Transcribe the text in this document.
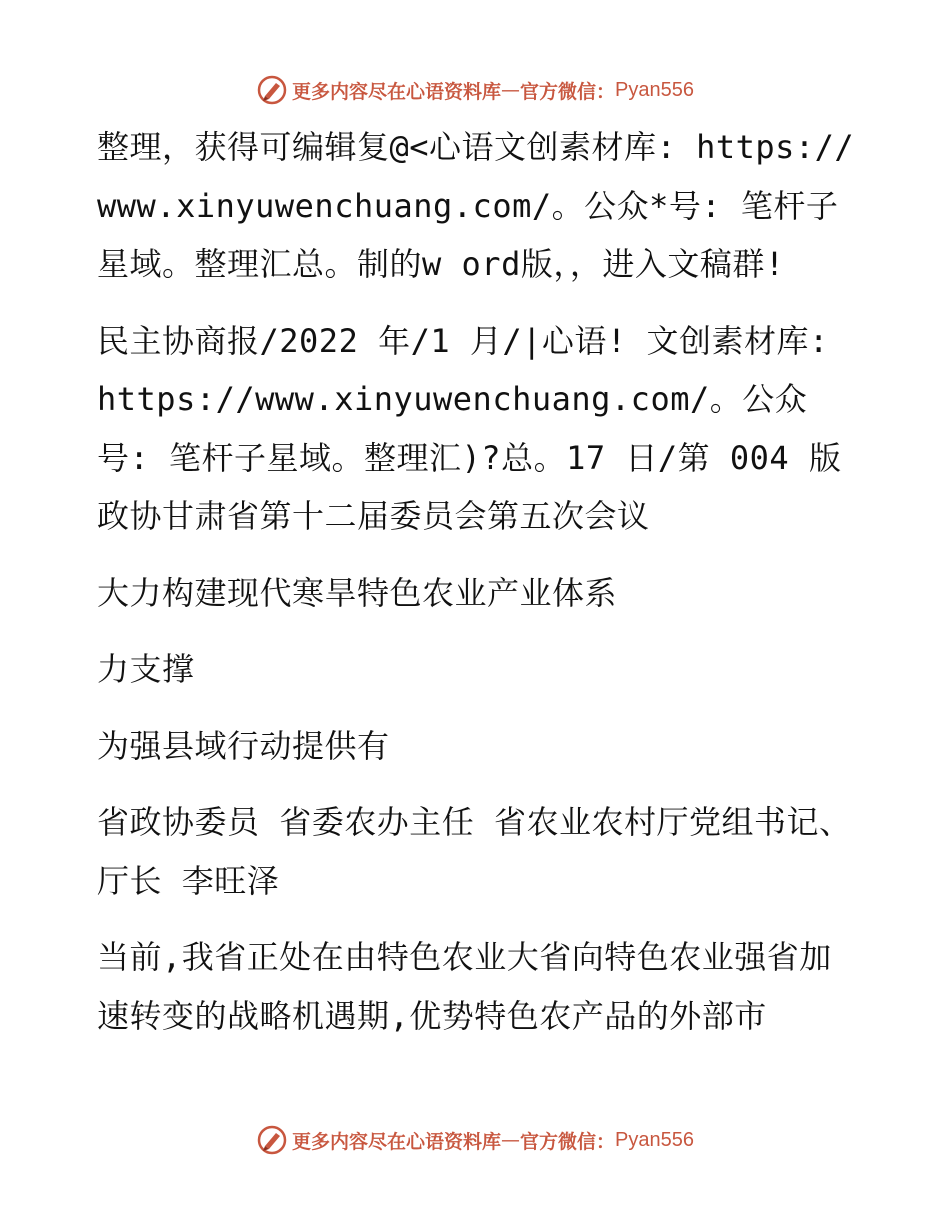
更多内容尽在心语资料库 — 官方微信： Pyan556

整理，获得可编辑复@<心语文创素材库: https://www.xinyuwenchuang.com/。公众*号: 笔杆子星域。整理汇总。制的w ord版，，进入文稿群!

民主协商报/2022 年/1 月/|心语! 文创素材库: https://www.xinyuwenchuang.com/。公众号: 笔杆子星域。整理汇)?总。17 日/第 004 版政协甘肃省第十二届委员会第五次会议

大力构建现代寒旱特色农业产业体系

力支撑

为强县域行动提供有

省政协委员 省委农办主任 省农业农村厅党组书记、厅长 李旺泽

当前,我省正处在由特色农业大省向特色农业强省加速转变的战略机遇期,优势特色农产品的外部市

更多内容尽在心语资料库 — 官方微信： Pyan556
